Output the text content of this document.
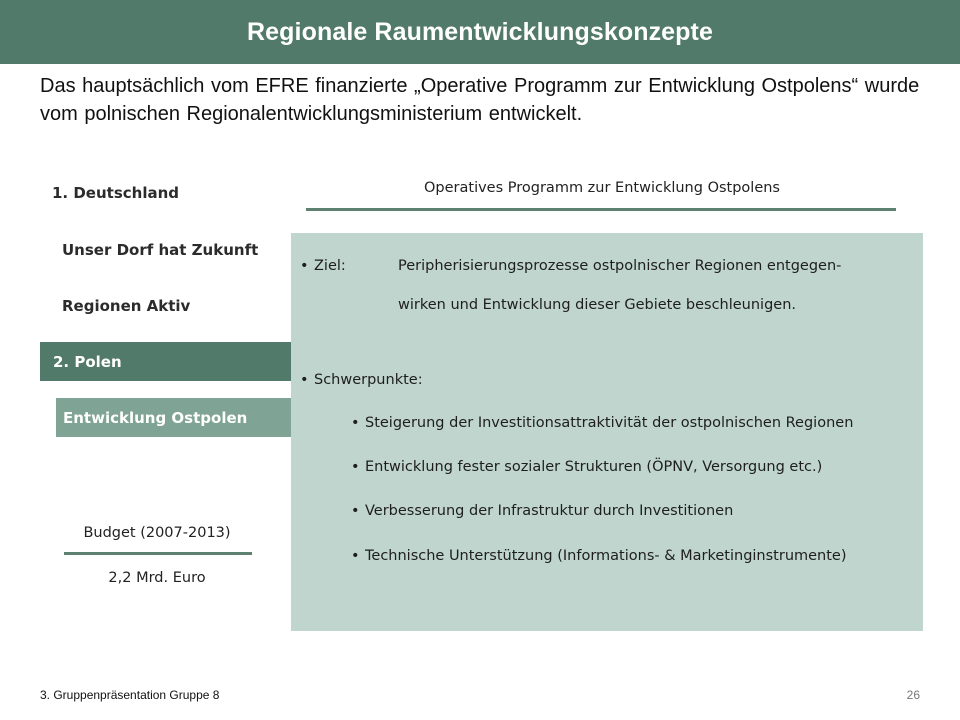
Regionale Raumentwicklungskonzepte
Das hauptsächlich vom EFRE finanzierte „Operative Programm zur Entwicklung Ostpolens“ wurde vom polnischen Regionalentwicklungsministerium entwickelt.
1. Deutschland
Unser Dorf hat Zukunft
Regionen Aktiv
2. Polen
Entwicklung Ostpolen
Operatives Programm zur Entwicklung Ostpolens
• Ziel:	Peripherisierungsprozesse ostpolnischer Regionen entgegen-
wirken und Entwicklung dieser Gebiete beschleunigen.
• Schwerpunkte:
• Steigerung der Investitionsattraktivität der ostpolnischen Regionen
• Entwicklung fester sozialer Strukturen (ÖPNV, Versorgung etc.)
• Verbesserung der Infrastruktur durch Investitionen
• Technische Unterstützung (Informations- & Marketinginstrumente)
Budget (2007-2013)
2,2 Mrd. Euro
3. Gruppenpräsentation Gruppe 8	26
